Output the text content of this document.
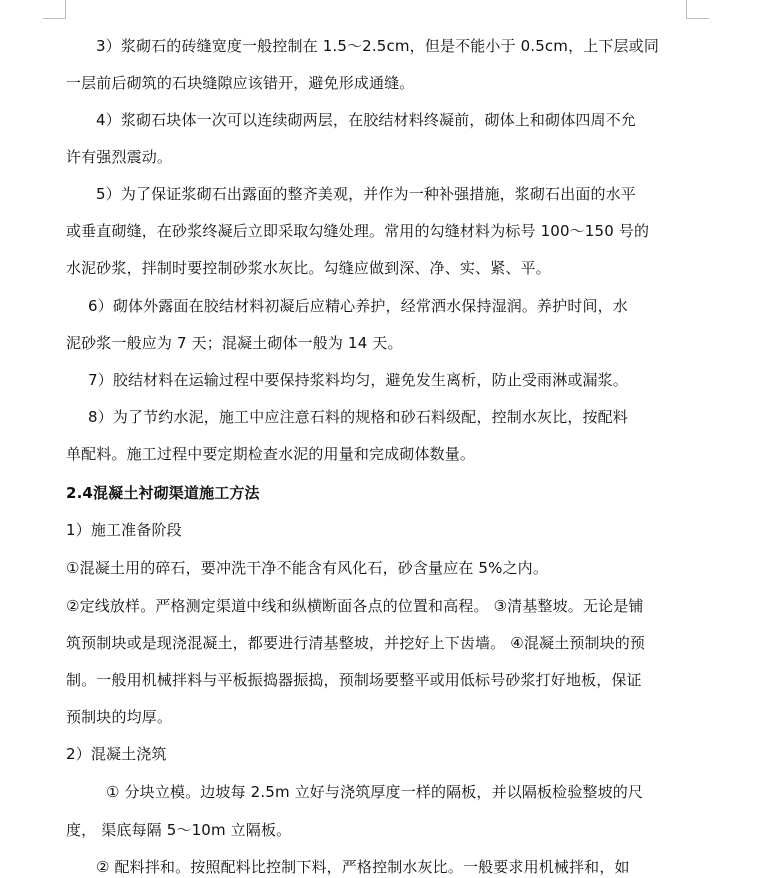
3）浆砌石的砖缝宽度一般控制在 1.5～2.5cm，但是不能小于 0.5cm，上下层或同
一层前后砌筑的石块缝隙应该错开，避免形成通缝。
4）浆砌石块体一次可以连续砌两层，在胶结材料终凝前，砌体上和砌体四周不允
许有强烈震动。
5）为了保证浆砌石出露面的整齐美观，并作为一种补强措施，浆砌石出面的水平
或垂直砌缝，在砂浆终凝后立即采取勾缝处理。常用的勾缝材料为标号 100～150 号的
水泥砂浆，拌制时要控制砂浆水灰比。勾缝应做到深、净、实、紧、平。
6）砌体外露面在胶结材料初凝后应精心养护，经常洒水保持湿润。养护时间，水
泥砂浆一般应为 7 天；混凝土砌体一般为 14 天。
7）胶结材料在运输过程中要保持浆料均匀，避免发生离析，防止受雨淋或漏浆。
8）为了节约水泥，施工中应注意石料的规格和砂石料级配，控制水灰比，按配料
单配料。施工过程中要定期检查水泥的用量和完成砌体数量。
2.4混凝土衬砌渠道施工方法
1）施工准备阶段
①混凝土用的碎石，要冲洗干净不能含有风化石，砂含量应在 5%之内。
②定线放样。严格测定渠道中线和纵横断面各点的位置和高程。 ③清基整坡。无论是铺
筑预制块或是现浇混凝土，都要进行清基整坡，并挖好上下齿墙。 ④混凝土预制块的预
制。一般用机械拌料与平板振捣器振捣，预制场要整平或用低标号砂浆打好地板，保证
预制块的均厚。
2）混凝土浇筑
① 分块立模。边坡每 2.5m 立好与浇筑厚度一样的隔板，并以隔板检验整坡的尺
度， 渠底每隔 5～10m 立隔板。
② 配料拌和。按照配料比控制下料，严格控制水灰比。一般要求用机械拌和，如
